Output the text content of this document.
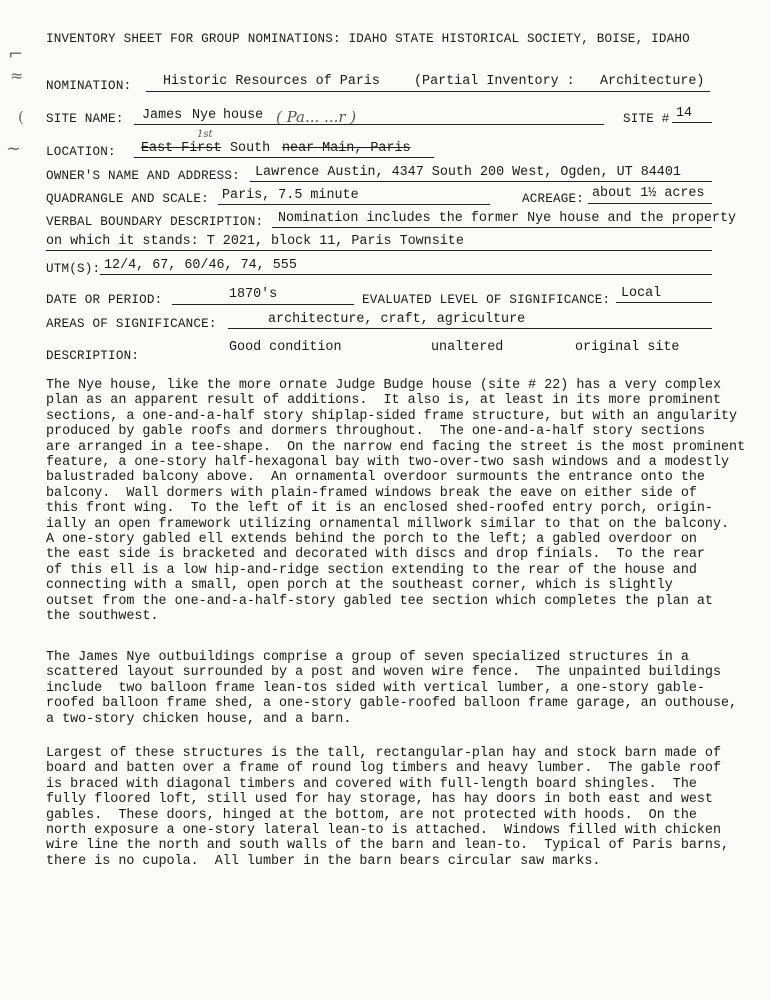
⌐
≈
(
~
INVENTORY SHEET FOR GROUP NOMINATIONS: IDAHO STATE HISTORICAL SOCIETY, BOISE, IDAHO
NOMINATION: Historic Resources of Paris	(Partial Inventory : Architecture)
SITE NAME: James Nye house ( Pa... ...r )	SITE # 14
LOCATION:
1st
East First South near Main, Paris
OWNER'S NAME AND ADDRESS: Lawrence Austin, 4347 South 200 West, Ogden, UT 84401
QUADRANGLE AND SCALE: Paris, 7.5 minute	ACREAGE: about 1½ acres
VERBAL BOUNDARY DESCRIPTION: Nomination includes the former Nye house and the property
on which it stands: T 2021, block 11, Paris Townsite
UTM(S): 12/4, 67, 60/46, 74, 555
DATE OR PERIOD:	1870's	EVALUATED LEVEL OF SIGNIFICANCE: Local
AREAS OF SIGNIFICANCE:	architecture, craft, agriculture
DESCRIPTION:
Good condition	unaltered	original site

The Nye house, like the more ornate Judge Budge house (site # 22) has a very complex
plan as an apparent result of additions.  It also is, at least in its more prominent
sections, a one-and-a-half story shiplap-sided frame structure, but with an angularity
produced by gable roofs and dormers throughout.  The one-and-a-half story sections
are arranged in a tee-shape.  On the narrow end facing the street is the most prominent
feature, a one-story half-hexagonal bay with two-over-two sash windows and a modestly
balustraded balcony above.  An ornamental overdoor surmounts the entrance onto the
balcony.  Wall dormers with plain-framed windows break the eave on either side of
this front wing.  To the left of it is an enclosed shed-roofed entry porch, origin-
ially an open framework utilizing ornamental millwork similar to that on the balcony.
A one-story gabled ell extends behind the porch to the left; a gabled overdoor on
the east side is bracketed and decorated with discs and drop finials.  To the rear
of this ell is a low hip-and-ridge section extending to the rear of the house and
connecting with a small, open porch at the southeast corner, which is slightly
outset from the one-and-a-half-story gabled tee section which completes the plan at
the southwest.

The James Nye outbuildings comprise a group of seven specialized structures in a
scattered layout surrounded by a post and woven wire fence.  The unpainted buildings
include  two balloon frame lean-tos sided with vertical lumber, a one-story gable-
roofed balloon frame shed, a one-story gable-roofed balloon frame garage, an outhouse,
a two-story chicken house, and a barn.

Largest of these structures is the tall, rectangular-plan hay and stock barn made of
board and batten over a frame of round log timbers and heavy lumber.  The gable roof
is braced with diagonal timbers and covered with full-length board shingles.  The
fully floored loft, still used for hay storage, has hay doors in both east and west
gables.  These doors, hinged at the bottom, are not protected with hoods.  On the
north exposure a one-story lateral lean-to is attached.  Windows filled with chicken
wire line the north and south walls of the barn and lean-to.  Typical of Paris barns,
there is no cupola.  All lumber in the barn bears circular saw marks.
